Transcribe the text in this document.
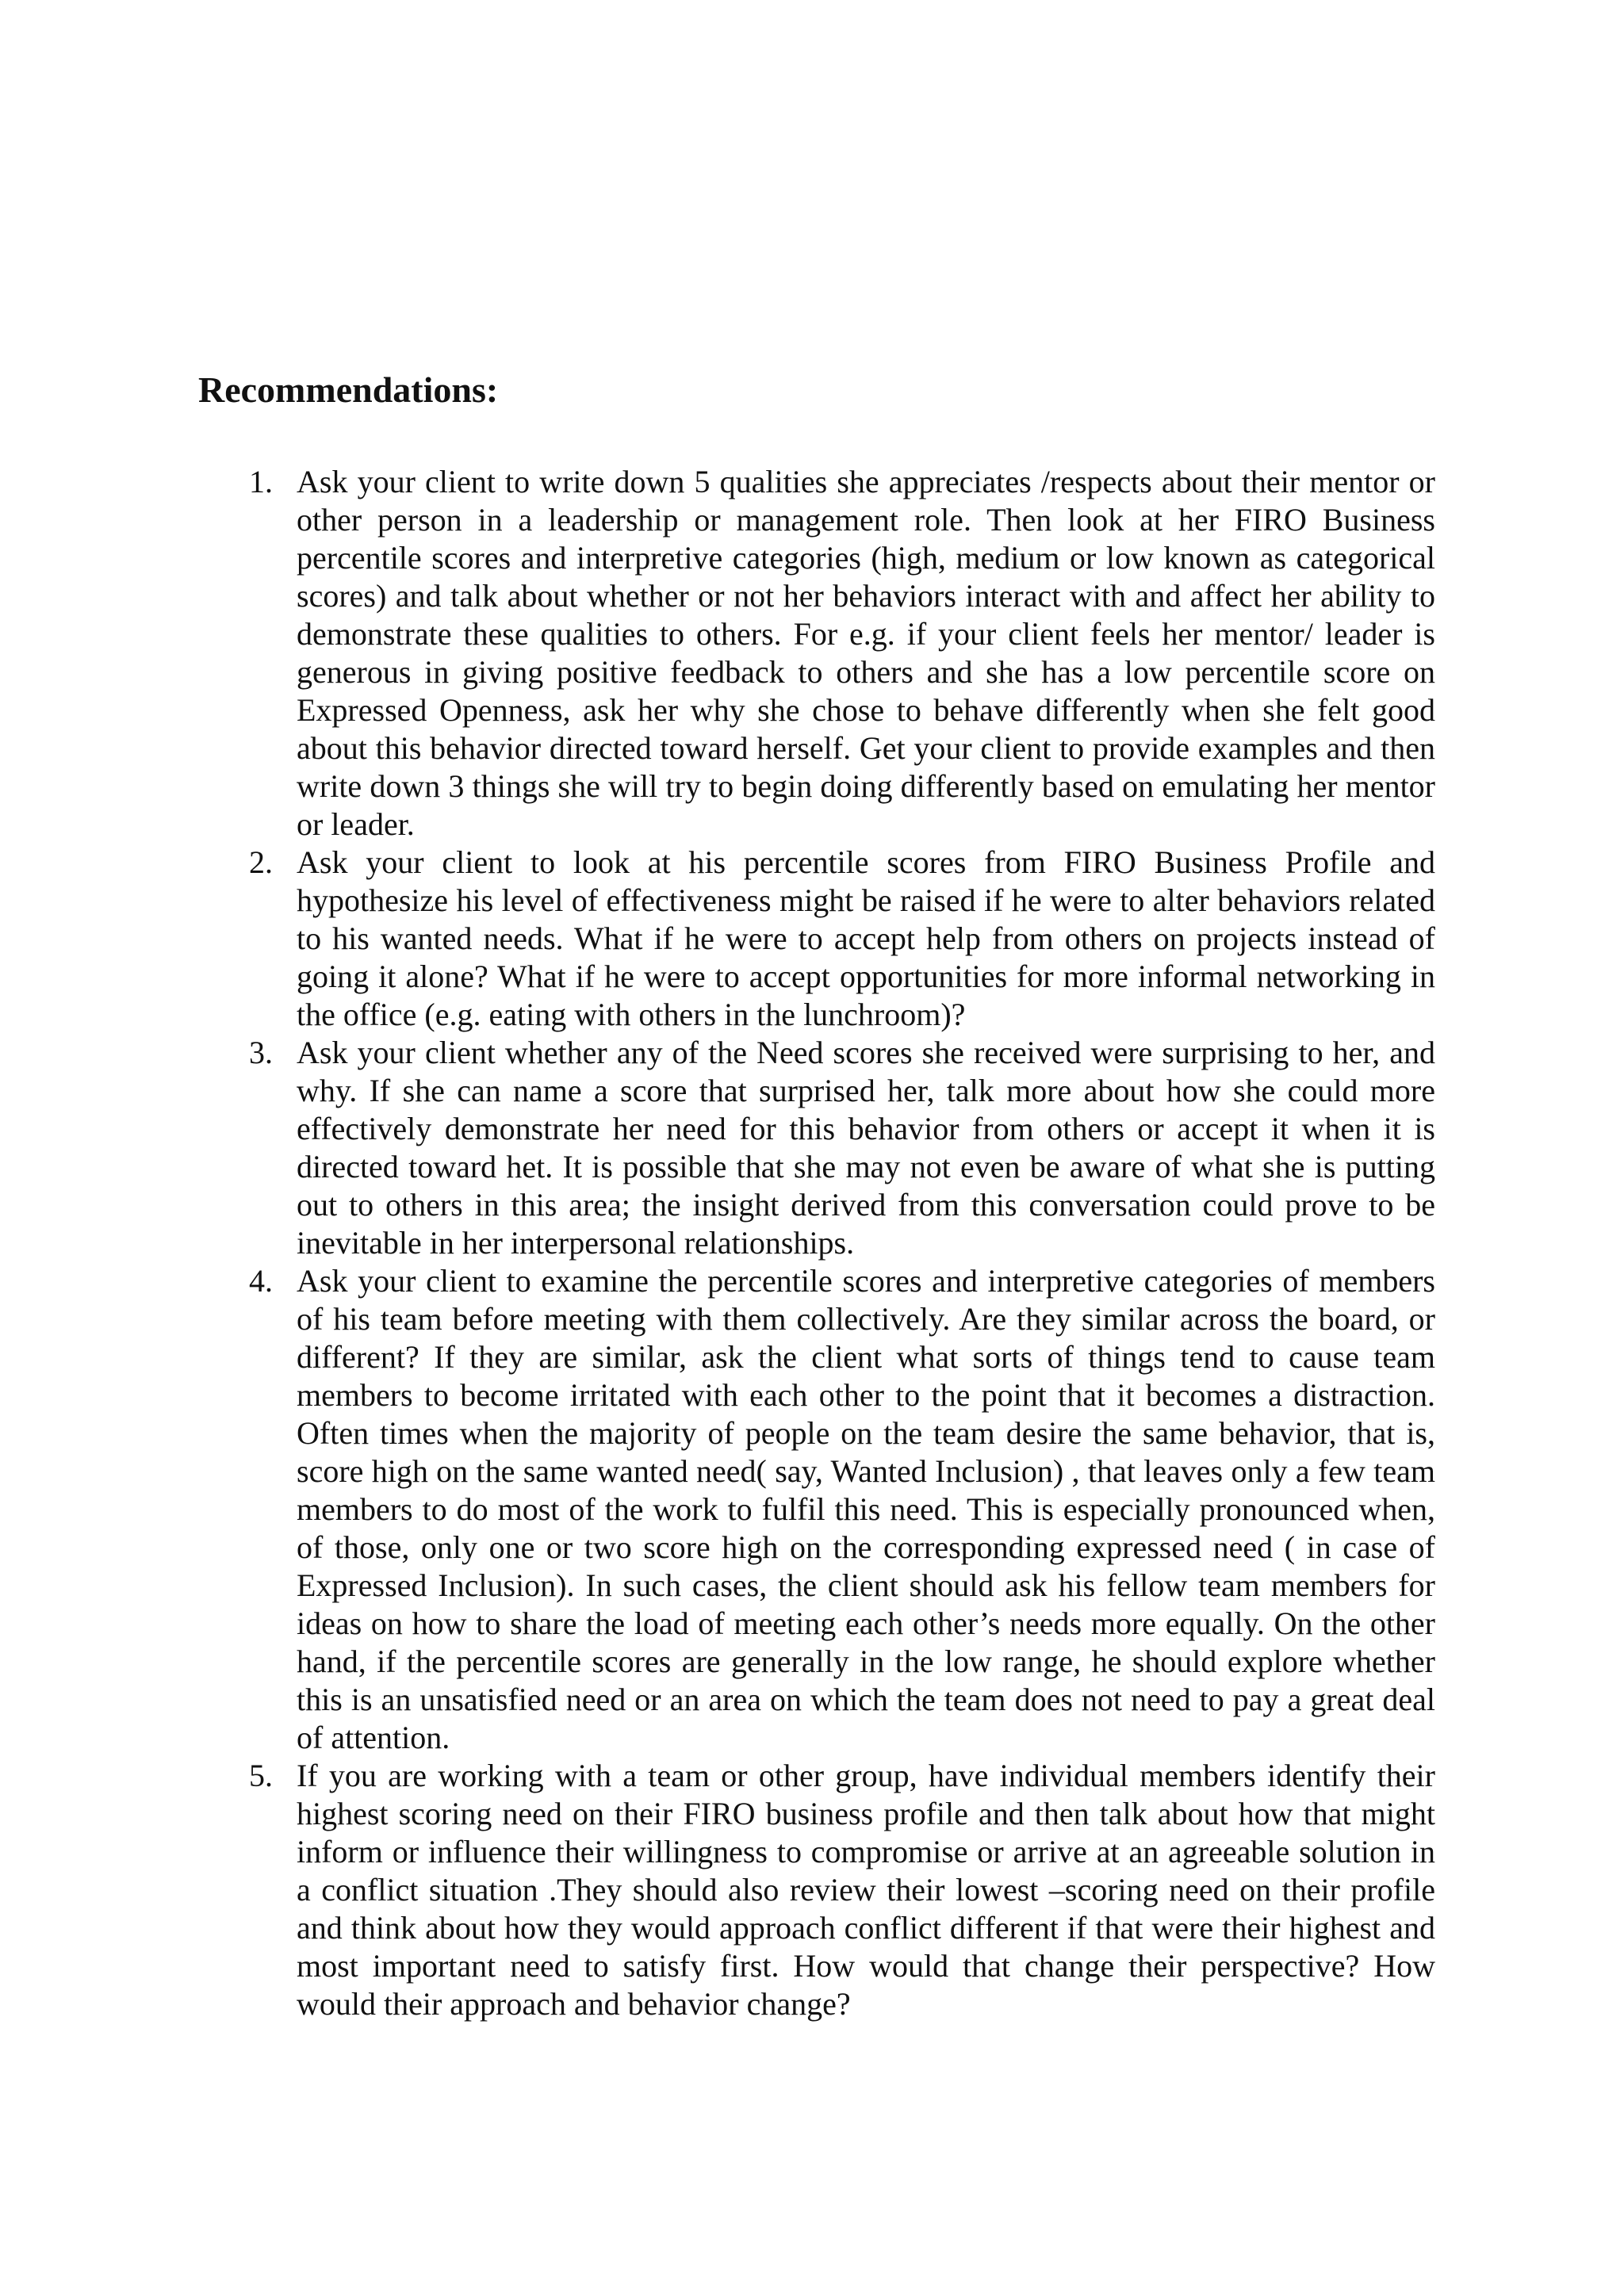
Recommendations:
1. Ask your client to write down 5 qualities she appreciates /respects about their mentor or other person in a leadership or management role. Then look at her FIRO Business percentile scores and interpretive categories (high, medium or low known as categorical scores) and talk about whether or not her behaviors interact with and affect her ability to demonstrate these qualities to others. For e.g. if your client feels her mentor/ leader is generous in giving positive feedback to others and she has a low percentile score on Expressed Openness, ask her why she chose to behave differently when she felt good about this behavior directed toward herself. Get your client to provide examples and then write down 3 things she will try to begin doing differently based on emulating her mentor or leader.

2. Ask your client to look at his percentile scores from FIRO Business Profile and hypothesize his level of effectiveness might be raised if he were to alter behaviors related to his wanted needs. What if he were to accept help from others on projects instead of going it alone? What if he were to accept opportunities for more informal networking in the office (e.g. eating with others in the lunchroom)?

3. Ask your client whether any of the Need scores she received were surprising to her, and why. If she can name a score that surprised her, talk more about how she could more effectively demonstrate her need for this behavior from others or accept it when it is directed toward het. It is possible that she may not even be aware of what she is putting out to others in this area; the insight derived from this conversation could prove to be inevitable in her interpersonal relationships.

4. Ask your client to examine the percentile scores and interpretive categories of members of his team before meeting with them collectively. Are they similar across the board, or different? If they are similar, ask the client what sorts of things tend to cause team members to become irritated with each other to the point that it becomes a distraction. Often times when the majority of people on the team desire the same behavior, that is, score high on the same wanted need( say, Wanted Inclusion) , that leaves only a few team members to do most of the work to fulfil this need. This is especially pronounced when, of those, only one or two score high on the corresponding expressed need ( in case of Expressed Inclusion). In such cases, the client should ask his fellow team members for ideas on how to share the load of meeting each other’s needs more equally. On the other hand, if the percentile scores are generally in the low range, he should explore whether this is an unsatisfied need or an area on which the team does not need to pay a great deal of attention.

5. If you are working with a team or other group, have individual members identify their highest scoring need on their FIRO business profile and then talk about how that might inform or influence their willingness to compromise or arrive at an agreeable solution in a conflict situation .They should also review their lowest –scoring need on their profile and think about how they would approach conflict different if that were their highest and most important need to satisfy first. How would that change their perspective? How would their approach and behavior change?
